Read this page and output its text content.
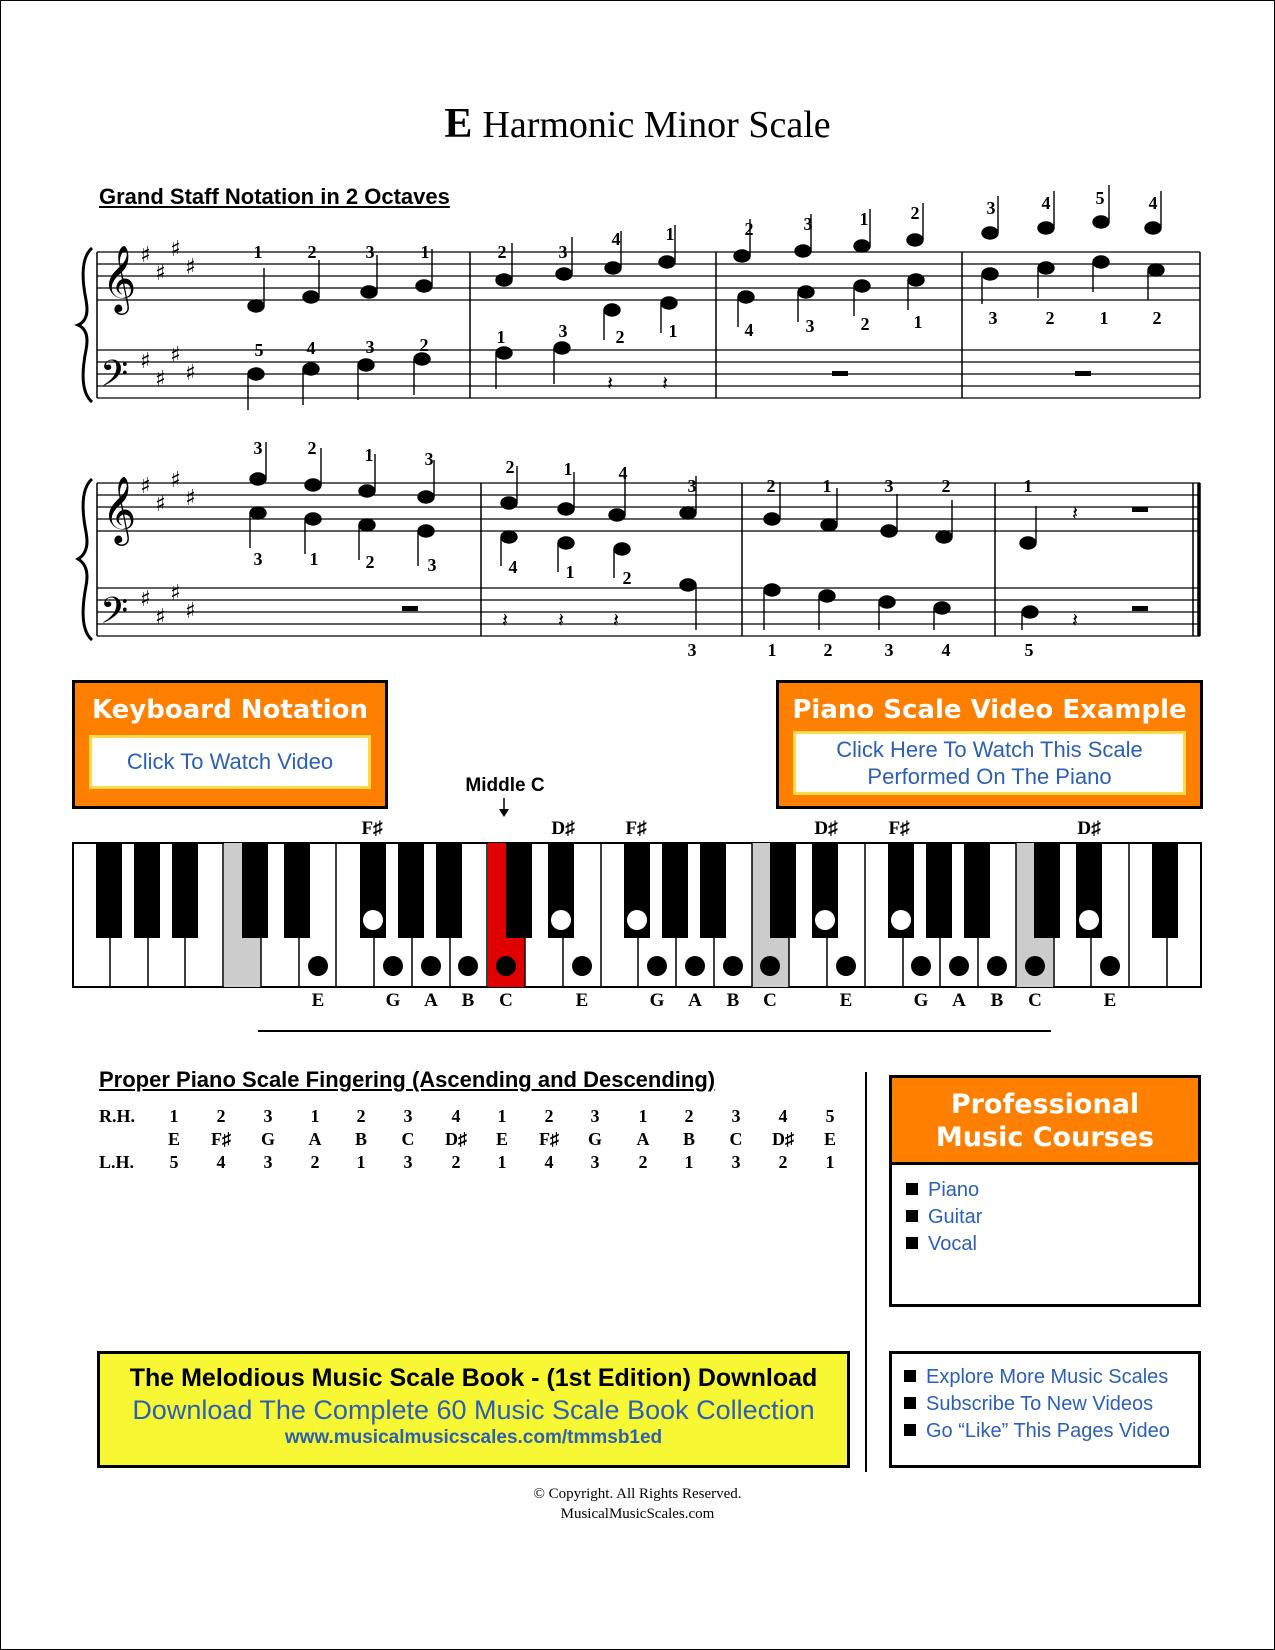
E Harmonic Minor Scale
Grand Staff Notation in 2 Octaves
𝄞
𝄢
𝄞
𝄢
♯
♯
♯
♯
♯
♯
♯
♯
♯
♯
♯
♯
♯
♯
♯
♯
𝄽 𝄽
𝄽 𝄽 𝄽	𝄽
𝄽
1	2	3	1	2	3
4	1	2	3	1 2	3	4	5 4
2 1	4	3	2 1	3	2	1 2
5 4	3	2	1	3
3	2	1	3	2	1	4
3	2	1	3	2	1
3	1	2	3	4	1	2
3	1	2	3	4	5
Keyboard Notation
Click To Watch Video
Piano Scale Video Example
Click Here To Watch This Scale
Performed On The Piano
Middle C
F♯	D♯	F♯	D♯	F♯	D♯
E	G	A	B	C	E	G	A	B	C	E	G	A	B	C	E
Proper Piano Scale Fingering (Ascending and Descending)
R.H.	1	2	3	1	2	3	4	1	2	3	1	2	3	4	5
E	F♯	G	A	B	C	D♯	E	F♯	G	A	B	C	D♯	E
L.H.	5	4	3	2	1	3	2	1	4	3	2	1	3	2	1
Professional
Music Courses
Piano
Guitar
Vocal
The Melodious Music Scale Book - (1st Edition) Download
Download The Complete 60 Music Scale Book Collection
www.musicalmusicscales.com/tmmsb1ed
Explore More Music Scales
Subscribe To New Videos
Go “Like” This Pages Video
© Copyright. All Rights Reserved.
MusicalMusicScales.com
